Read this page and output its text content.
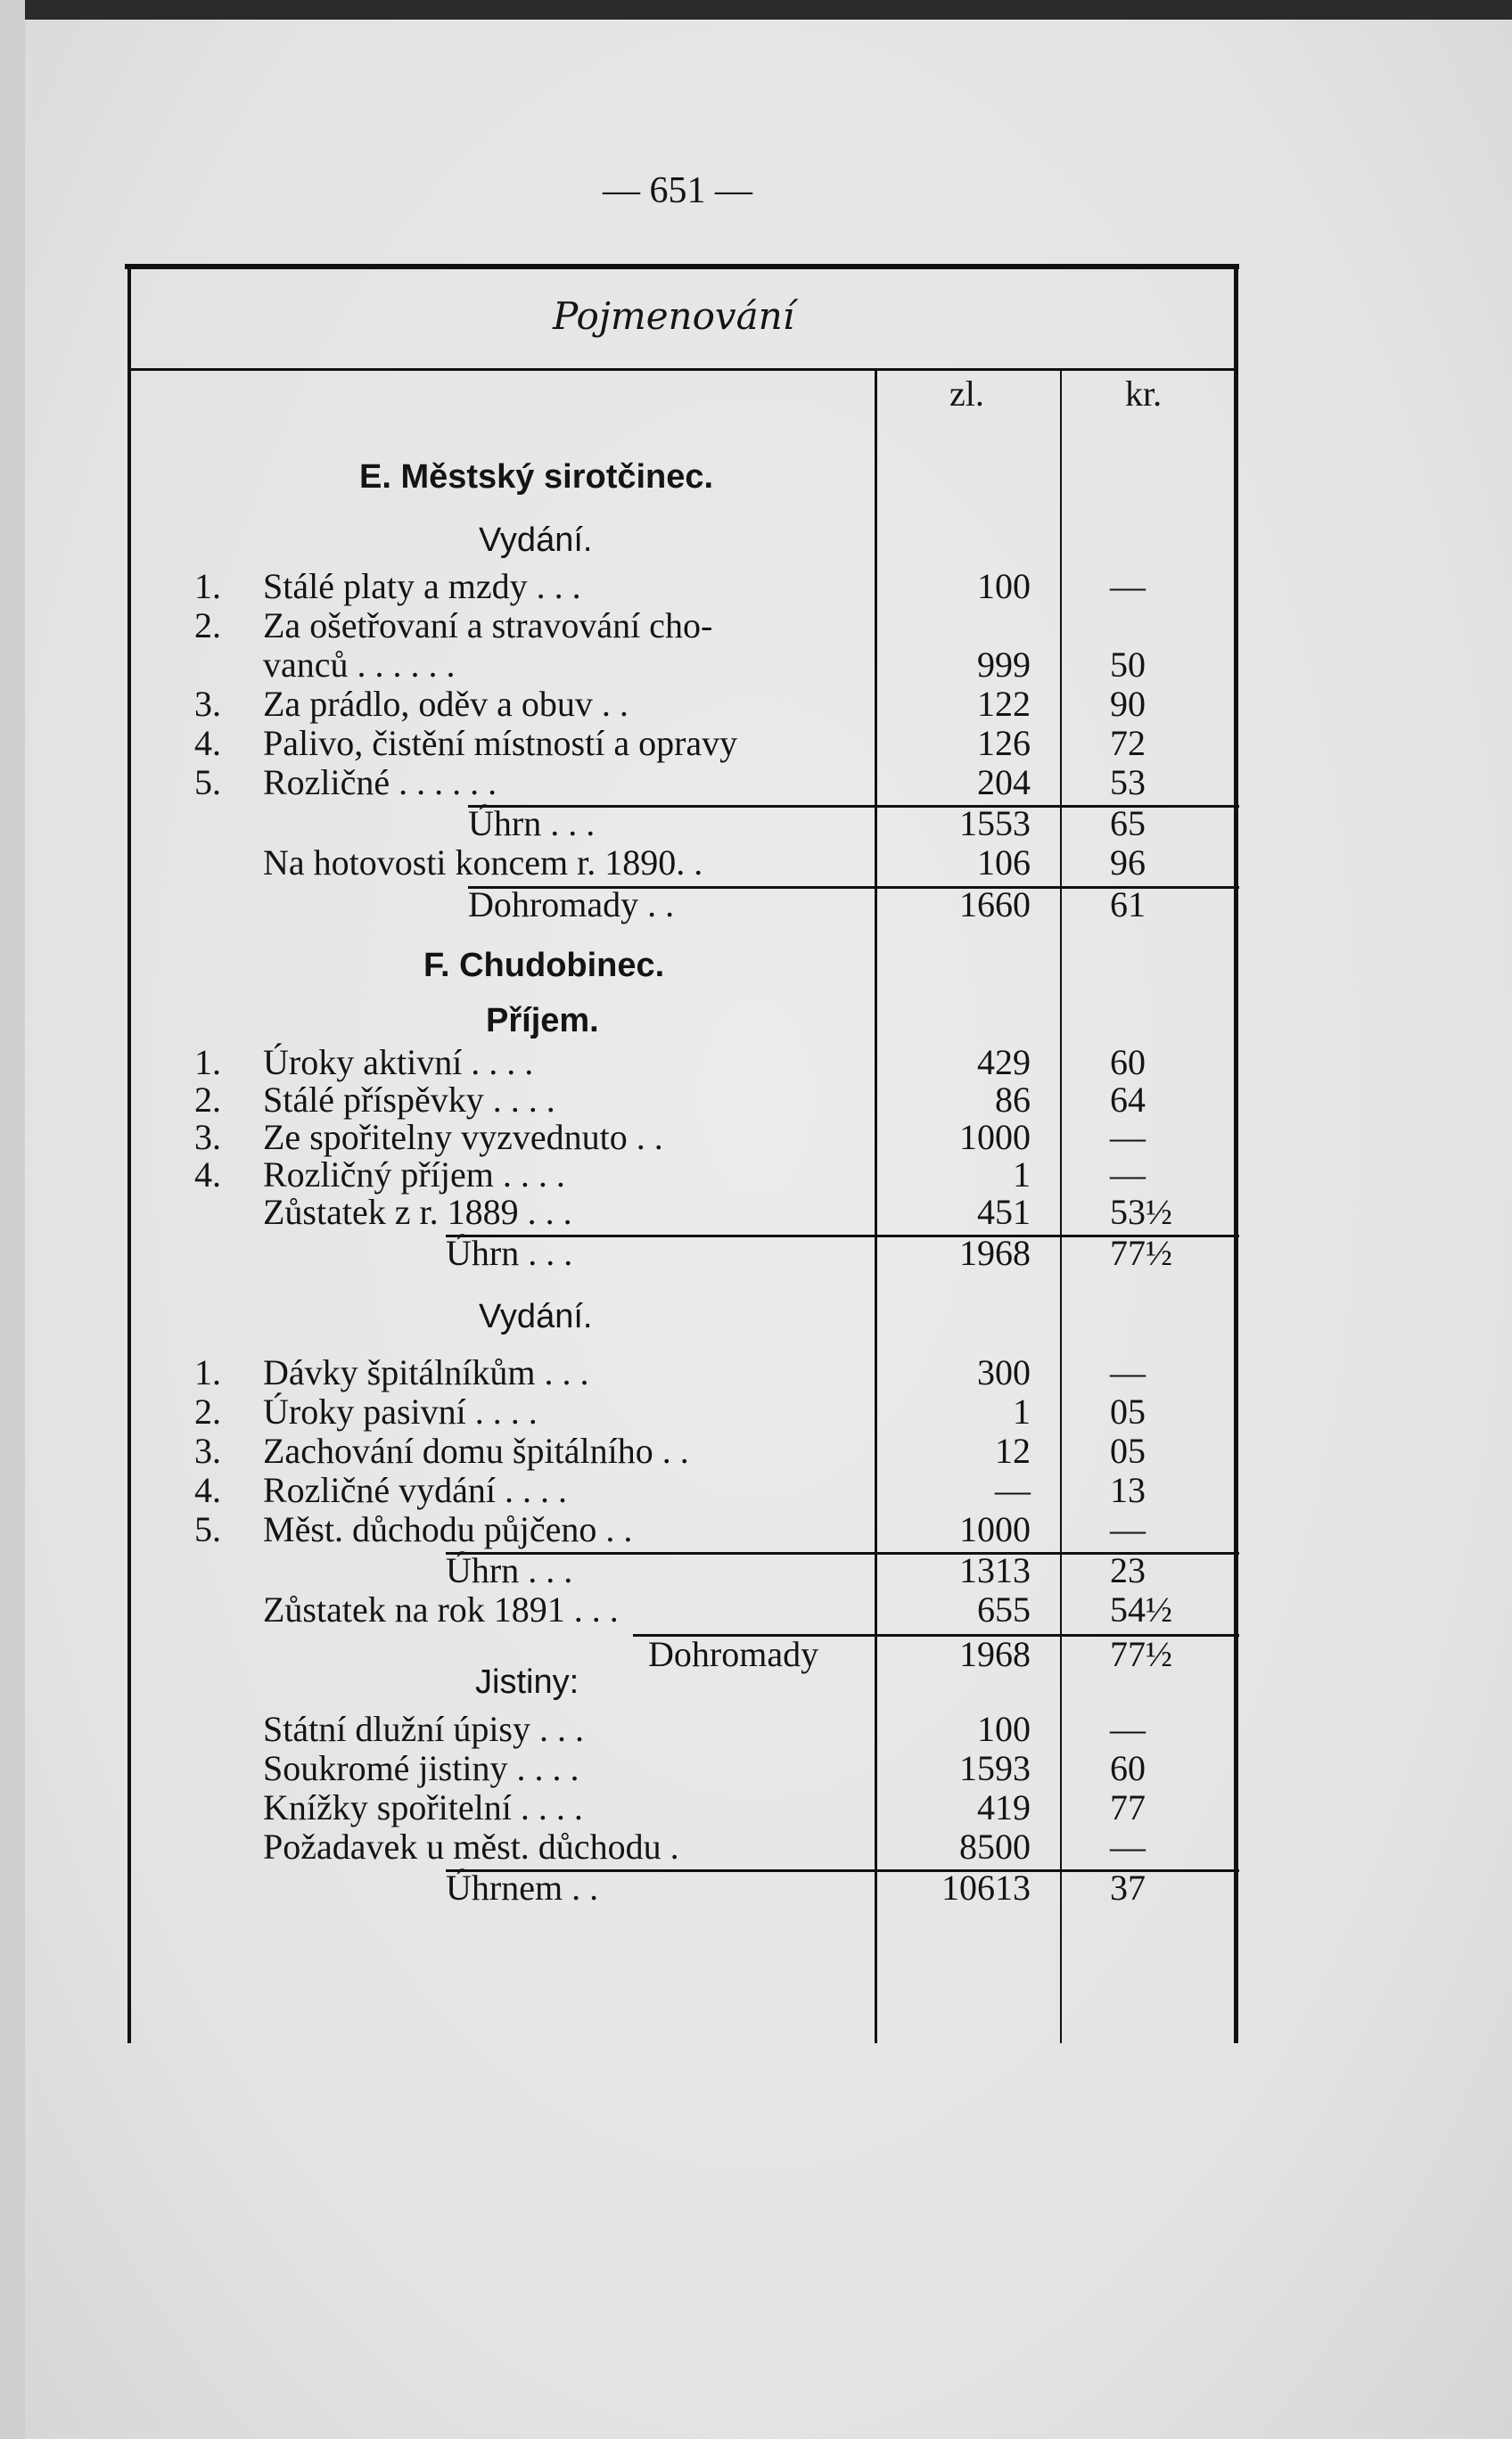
— 651 —
Pojmenování
zl.	kr.
E. Městský sirotčinec.
Vydání.
1. Stálé platy a mzdy . . .	100 —
2. Za ošetřovaní a stravování cho-
vanců . . . . . .	999 50
3. Za prádlo, oděv a obuv . .	122 90
4. Palivo, čistění místností a opravy	126 72
5. Rozličné . . . . . .	204 53
Úhrn . . .	1553 65
Na hotovosti koncem r. 1890. .	106 96
Dohromady . .	1660 61
F. Chudobinec.
Příjem.
1. Úroky aktivní . . . .	429 60
2. Stálé příspěvky . . . .	86 64
3. Ze spořitelny vyzvednuto . .	1000 —
4. Rozličný příjem . . . .	1 —
Zůstatek z r. 1889 . . .	451 53½
Úhrn . . .	1968 77½
Vydání.
1. Dávky špitálníkům . . .	300 —
2. Úroky pasivní . . . .	1 05
3. Zachování domu špitálního . .	12 05
4. Rozličné vydání . . . .	— 13
5. Měst. důchodu půjčeno . .	1000 —
Úhrn . . .	1313 23
Zůstatek na rok 1891 . . .	655 54½
Dohromady	1968 77½
Jistiny:
Státní dlužní úpisy . . .	100 —
Soukromé jistiny . . . .	1593 60
Knížky spořitelní . . . .	419 77
Požadavek u měst. důchodu .	8500 —
Úhrnem . .	10613 37
